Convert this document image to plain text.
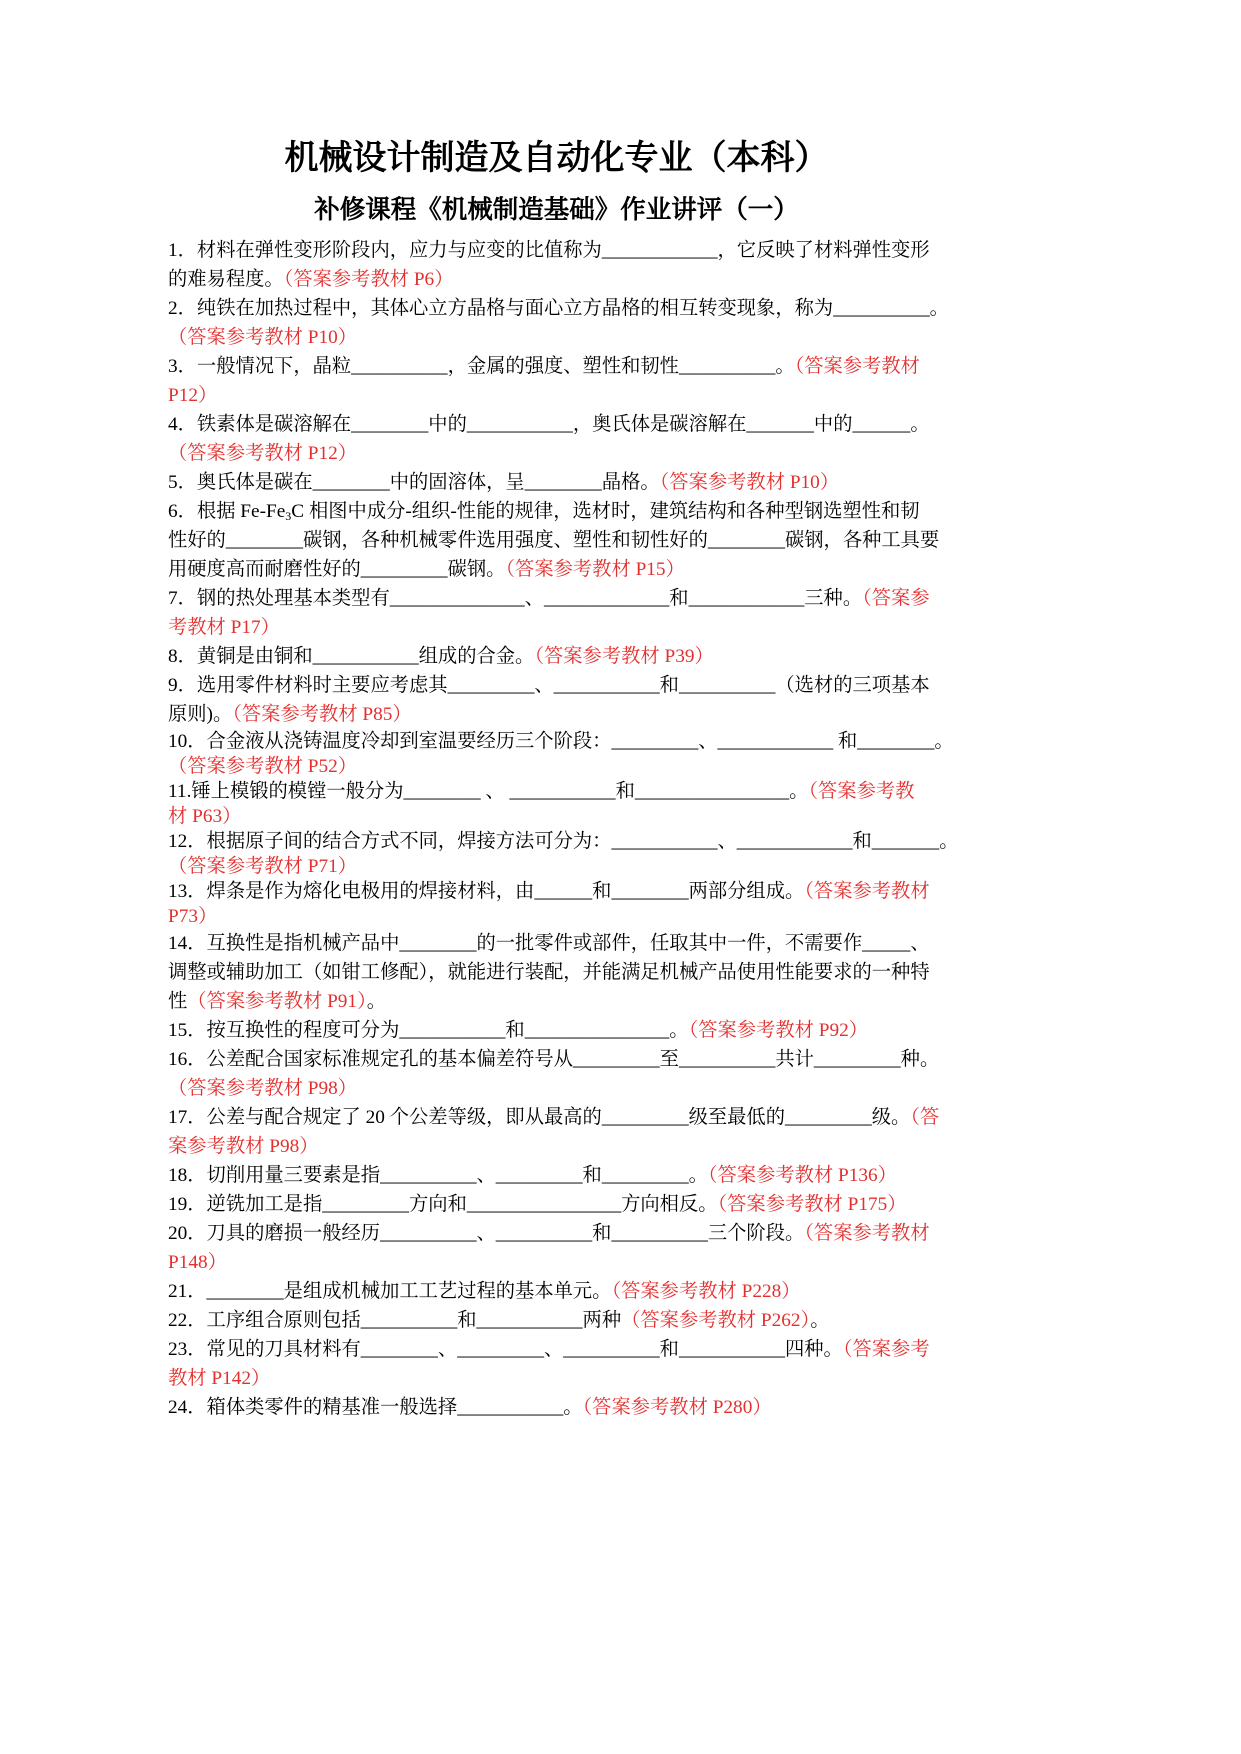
机械设计制造及自动化专业（本科）
补修课程《机械制造基础》作业讲评（一）
1．材料在弹性变形阶段内，应力与应变的比值称为____________，它反映了材料弹性变形
的难易程度。（答案参考教材 P6）
2．纯铁在加热过程中，其体心立方晶格与面心立方晶格的相互转变现象，称为__________。
（答案参考教材 P10）
3．一般情况下，晶粒__________，金属的强度、塑性和韧性__________。（答案参考教材
P12）
4．铁素体是碳溶解在________中的___________，奥氏体是碳溶解在_______中的______。
（答案参考教材 P12）
5．奥氏体是碳在________中的固溶体，呈________晶格。（答案参考教材 P10）
6．根据 Fe-Fe3C 相图中成分-组织-性能的规律，选材时，建筑结构和各种型钢选塑性和韧
性好的________碳钢，各种机械零件选用强度、塑性和韧性好的________碳钢，各种工具要
用硬度高而耐磨性好的_________碳钢。（答案参考教材 P15）
7．钢的热处理基本类型有______________、_____________和____________三种。（答案参
考教材 P17）
8．黄铜是由铜和___________组成的合金。（答案参考教材 P39）
9．选用零件材料时主要应考虑其_________、___________和__________（选材的三项基本
原则)。（答案参考教材 P85）
10．合金液从浇铸温度冷却到室温要经历三个阶段：_________、____________ 和________。
（答案参考教材 P52）
11.锤上模锻的模镗一般分为________ 、 ___________和________________。（答案参考教
材 P63）
12．根据原子间的结合方式不同，焊接方法可分为：___________、____________和_______。
（答案参考教材 P71）
13．焊条是作为熔化电极用的焊接材料，由______和________两部分组成。（答案参考教材
P73）
14．互换性是指机械产品中________的一批零件或部件，任取其中一件，不需要作_____、
调整或辅助加工（如钳工修配），就能进行装配，并能满足机械产品使用性能要求的一种特
性（答案参考教材 P91）。
15．按互换性的程度可分为___________和_______________。（答案参考教材 P92）
16．公差配合国家标准规定孔的基本偏差符号从_________至__________共计_________种。
（答案参考教材 P98）
17．公差与配合规定了 20 个公差等级，即从最高的_________级至最低的_________级。（答
案参考教材 P98）
18．切削用量三要素是指__________、_________和_________。（答案参考教材 P136）
19．逆铣加工是指_________方向和________________方向相反。（答案参考教材 P175）
20．刀具的磨损一般经历__________、__________和__________三个阶段。（答案参考教材
P148）
21．________是组成机械加工工艺过程的基本单元。（答案参考教材 P228）
22．工序组合原则包括__________和___________两种（答案参考教材 P262）。
23．常见的刀具材料有________、_________、__________和___________四种。（答案参考
教材 P142）
24．箱体类零件的精基准一般选择___________。（答案参考教材 P280）
